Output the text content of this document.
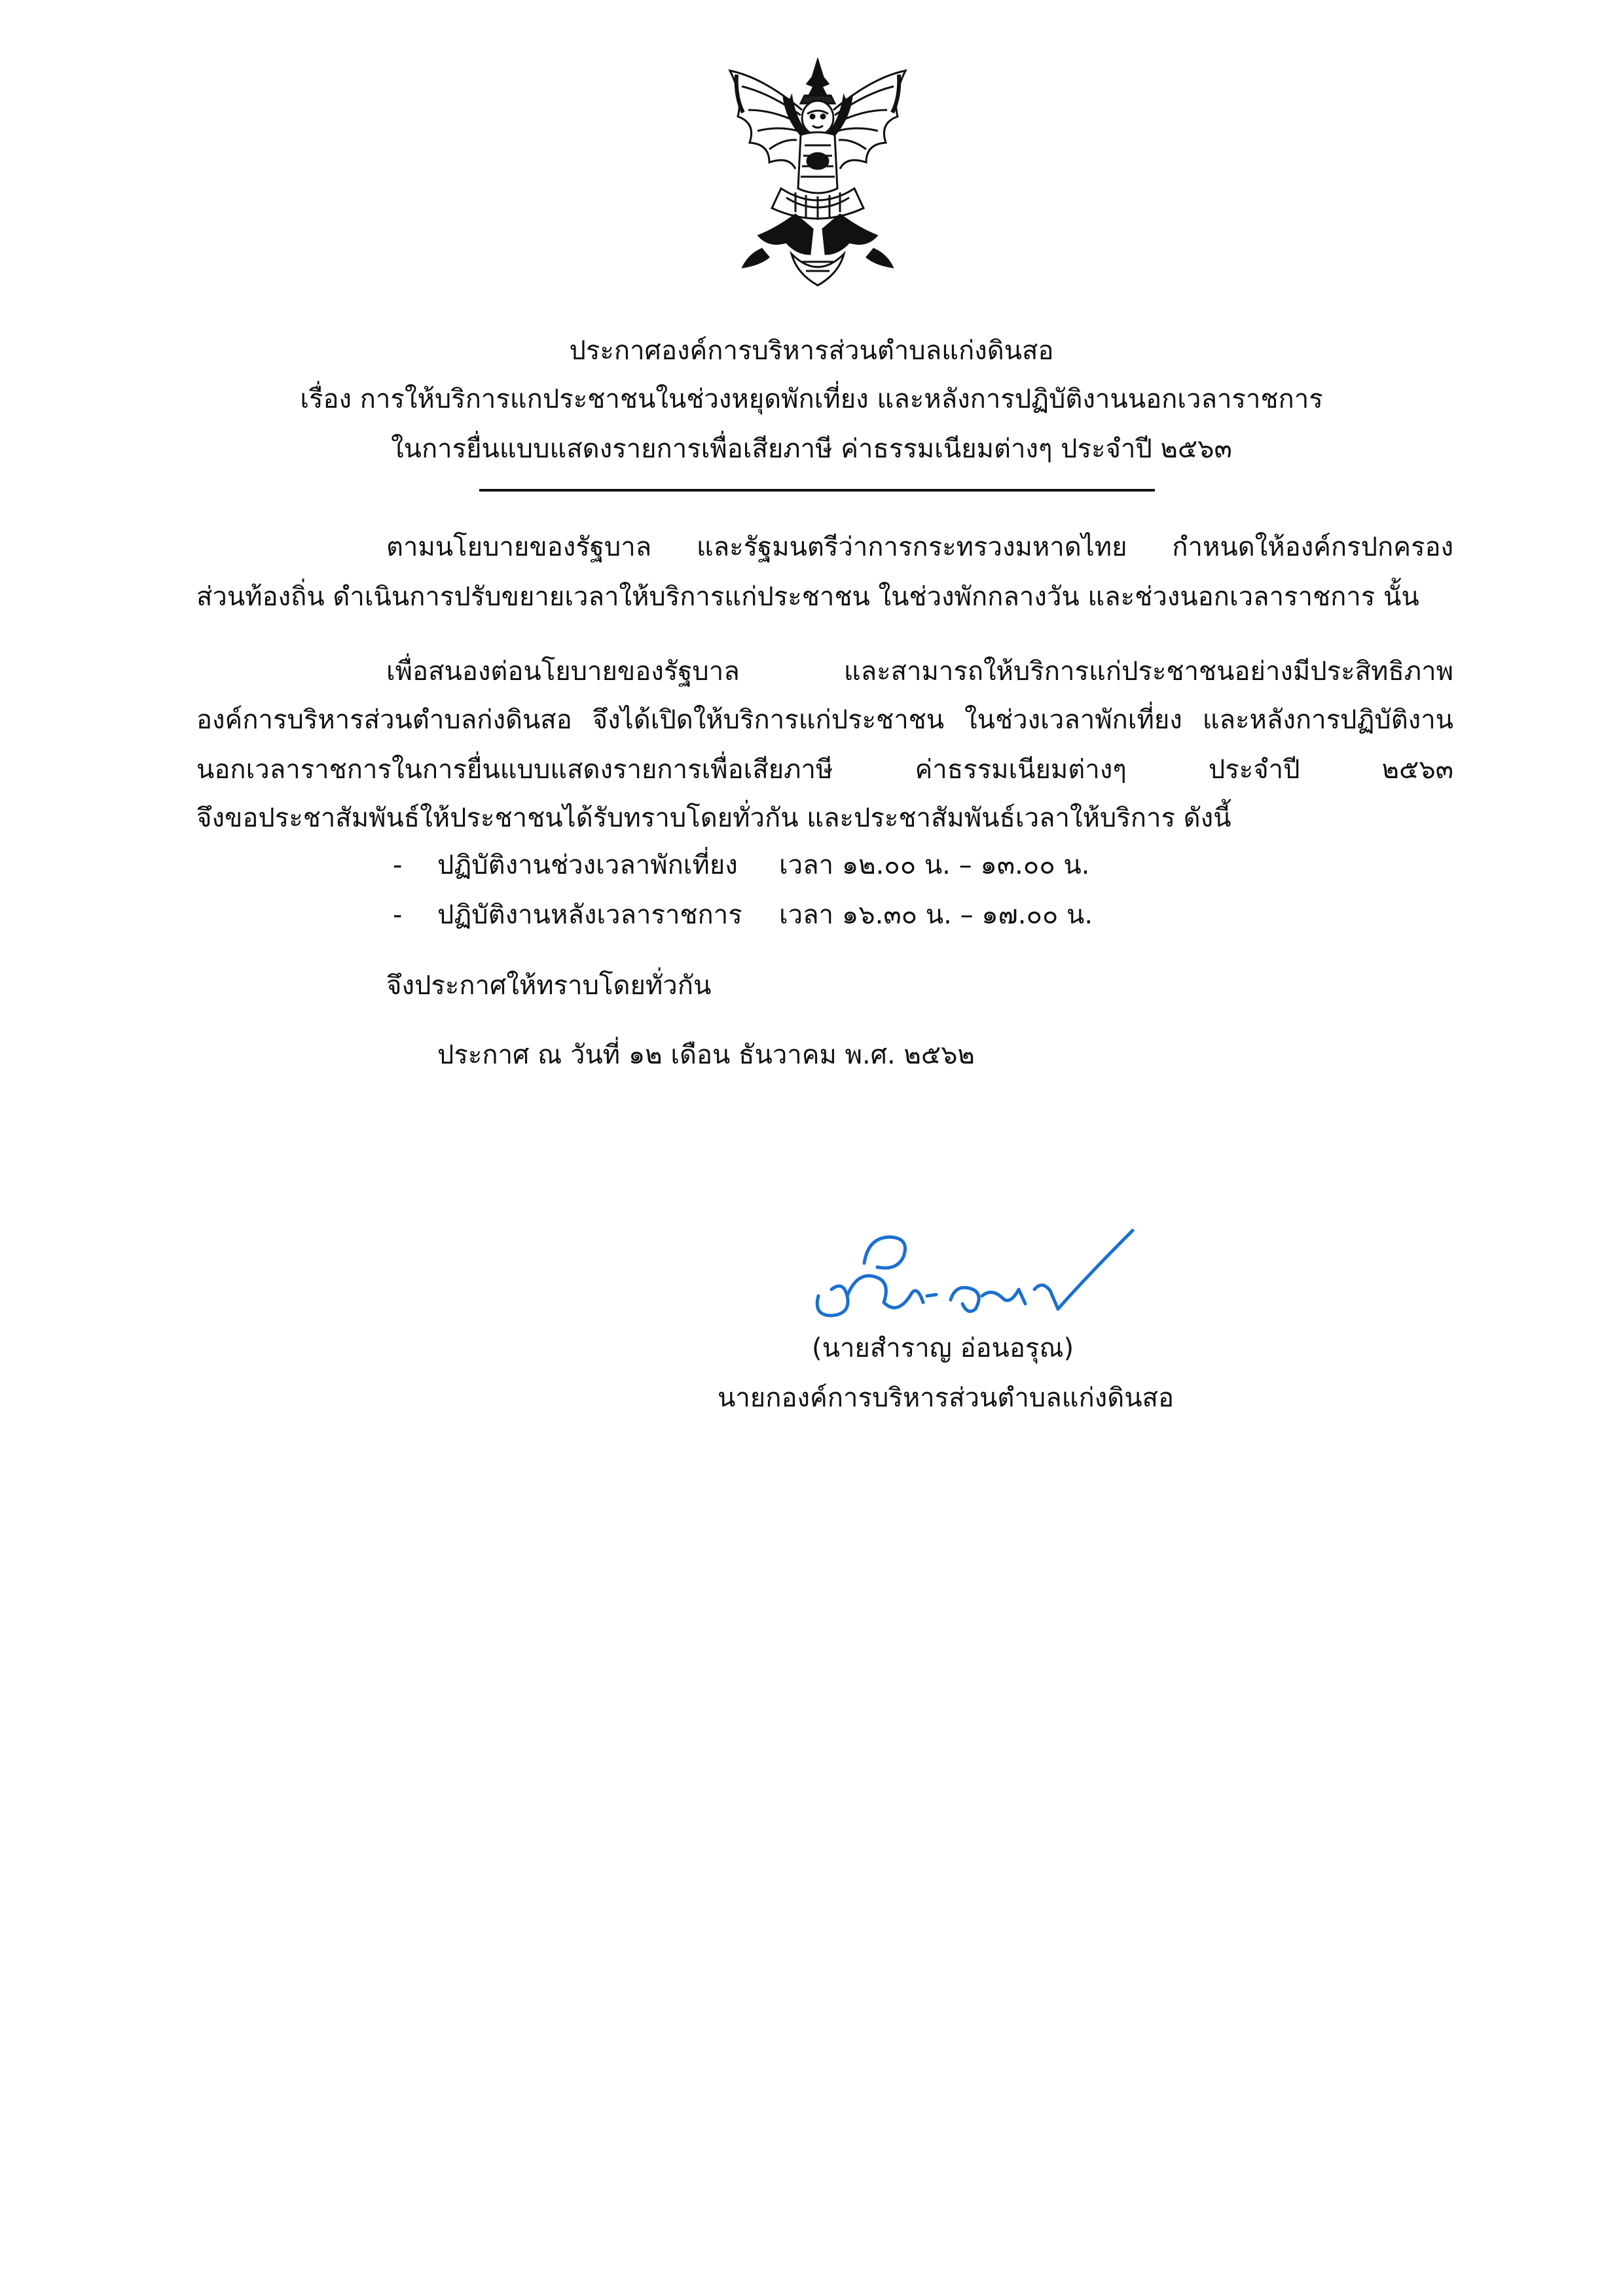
ประกาศองค์การบริหารส่วนตำบลแก่งดินสอ
เรื่อง การให้บริการแกประชาชนในช่วงหยุดพักเที่ยง และหลังการปฏิบัติงานนอกเวลาราชการ
ในการยื่นแบบแสดงรายการเพื่อเสียภาษี ค่าธรรมเนียมต่างๆ ประจำปี ๒๕๖๓
ตามนโยบายของรัฐบาล และรัฐมนตรีว่าการกระทรวงมหาดไทย กำหนดให้องค์กรปกครอง
ส่วนท้องถิ่น ดำเนินการปรับขยายเวลาให้บริการแก่ประชาชน ในช่วงพักกลางวัน และช่วงนอกเวลาราชการ นั้น
เพื่อสนองต่อนโยบายของรัฐบาล และสามารถให้บริการแก่ประชาชนอย่างมีประสิทธิภาพ
องค์การบริหารส่วนตำบลก่งดินสอ จึงได้เปิดให้บริการแก่ประชาชน ในช่วงเวลาพักเที่ยง และหลังการปฏิบัติงาน
นอกเวลาราชการในการยื่นแบบแสดงรายการเพื่อเสียภาษี ค่าธรรมเนียมต่างๆ ประจำปี ๒๕๖๓
จึงขอประชาสัมพันธ์ให้ประชาชนได้รับทราบโดยทั่วกัน และประชาสัมพันธ์เวลาให้บริการ ดังนี้
- ปฏิบัติงานช่วงเวลาพักเที่ยง เวลา ๑๒.๐๐ น. – ๑๓.๐๐ น.
- ปฏิบัติงานหลังเวลาราชการ เวลา ๑๖.๓๐ น. – ๑๗.๐๐ น.
จึงประกาศให้ทราบโดยทั่วกัน
ประกาศ ณ วันที่ ๑๒ เดือน ธันวาคม พ.ศ. ๒๕๖๒
(นายสำราญ อ่อนอรุณ)
นายกองค์การบริหารส่วนตำบลแก่งดินสอ
